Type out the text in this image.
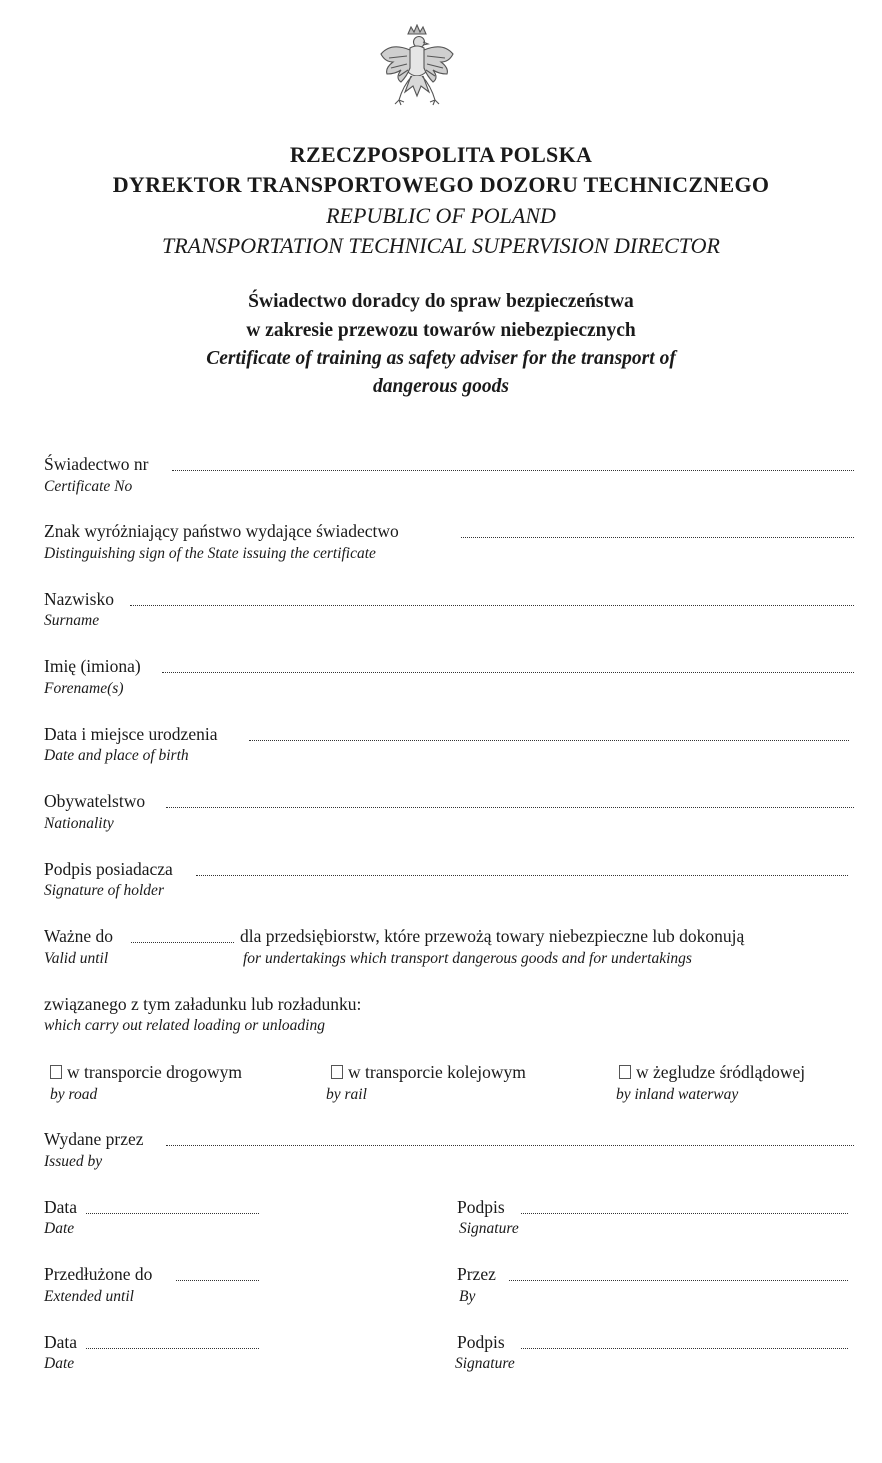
RZECZPOSPOLITA POLSKA
DYREKTOR TRANSPORTOWEGO DOZORU TECHNICZNEGO
REPUBLIC OF POLAND
TRANSPORTATION TECHNICAL SUPERVISION DIRECTOR
Świadectwo doradcy do spraw bezpieczeństwa
w zakresie przewozu towarów niebezpiecznych
Certificate of training as safety adviser for the transport of
dangerous goods
Świadectwo nr
Certificate No
Znak wyróżniający państwo wydające świadectwo
Distinguishing sign of the State issuing the certificate
Nazwisko
Surname
Imię (imiona)
Forename(s)
Data i miejsce urodzenia
Date and place of birth
Obywatelstwo
Nationality
Podpis posiadacza
Signature of holder
Ważne do	dla przedsiębiorstw, które przewożą towary niebezpieczne lub dokonują
Valid until	for undertakings which transport dangerous goods and for undertakings
związanego z tym załadunku lub rozładunku:
which carry out related loading or unloading
w transporcie drogowym
by road
w transporcie kolejowym
by rail
w żegludze śródlądowej
by inland waterway
Wydane przez
Issued by
Data
Date
Podpis
Signature
Przedłużone do
Extended until
Przez
By
Data
Date
Podpis
Signature
